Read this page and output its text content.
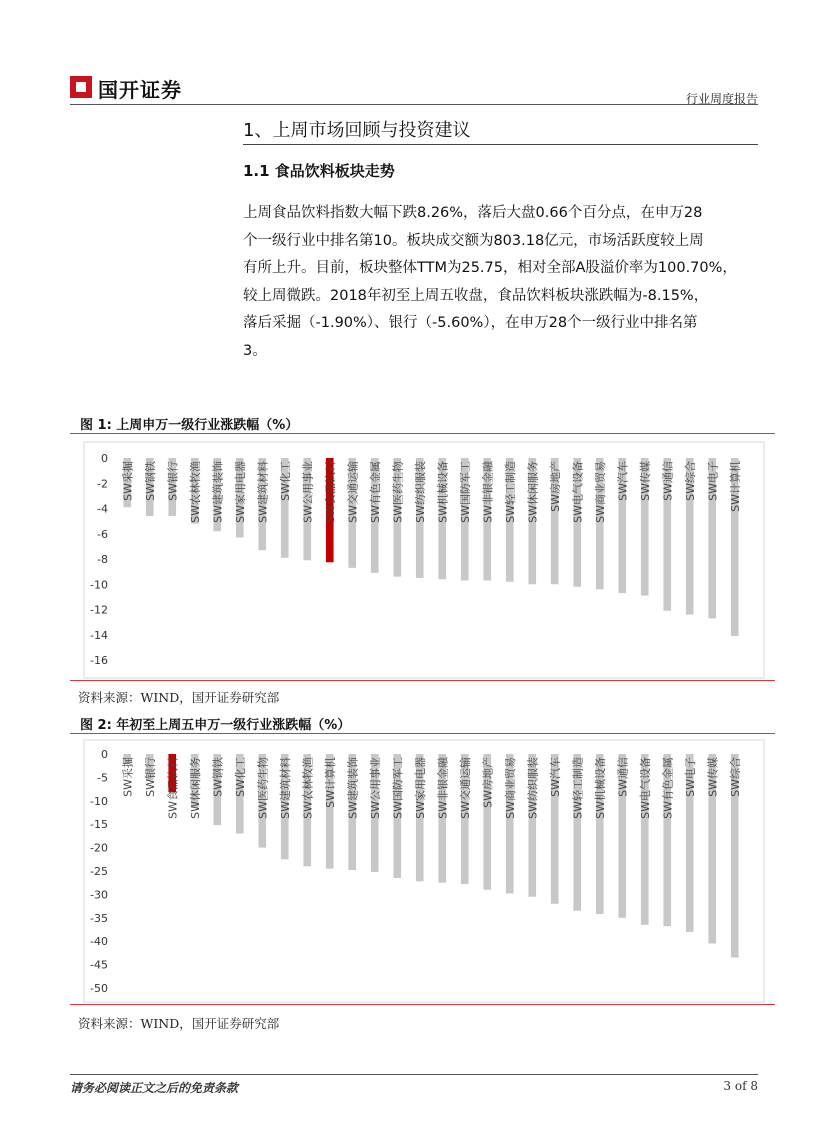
国开证券	行业周度报告
1、上周市场回顾与投资建议
1.1 食品饮料板块走势
上周食品饮料指数大幅下跌8.26%，落后大盘0.66个百分点，在申万28
个一级行业中排名第10。板块成交额为803.18亿元，市场活跃度较上周
有所上升。目前，板块整体TTM为25.75，相对全部A股溢价率为100.70%，
较上周微跌。2018年初至上周五收盘，食品饮料板块涨跌幅为-8.15%，
落后采掘（-1.90%）、银行（-5.60%），在申万28个一级行业中排名第
3。
图 1: 上周申万一级行业涨跌幅（%）
0
-2
-4
-6
-8
-10
-12
-14
-16
SW采掘 SW钢铁 SW银行 SW农林牧渔 SW建筑装饰 SW家用电器 SW建筑材料 SW化工 SW公用事业 SW食品饮料 SW交通运输 SW有色金属 SW医药生物 SW纺织服装 SW机械设备 SW国防军工 SW非银金融 SW轻工制造 SW休闲服务 SW房地产 SW电气设备 SW商业贸易 SW汽车 SW传媒 SW通信 SW综合 SW电子 SW计算机
资料来源：WIND，国开证券研究部
图 2: 年初至上周五申万一级行业涨跌幅（%）
0
-5
-10
-15
-20
-25
-30
-35
-40
-45
-50
SW采掘 SW银行 SW食品饮料 SW休闲服务 SW钢铁 SW化工 SW医药生物 SW建筑材料 SW农林牧渔 SW计算机 SW建筑装饰 SW公用事业 SW国防军工 SW家用电器 SW非银金融 SW交通运输 SW房地产 SW商业贸易 SW纺织服装 SW汽车 SW轻工制造 SW机械设备 SW通信 SW电气设备 SW有色金属 SW电子 SW传媒 SW综合
资料来源：WIND，国开证券研究部
请务必阅读正文之后的免责条款	3 of 8
